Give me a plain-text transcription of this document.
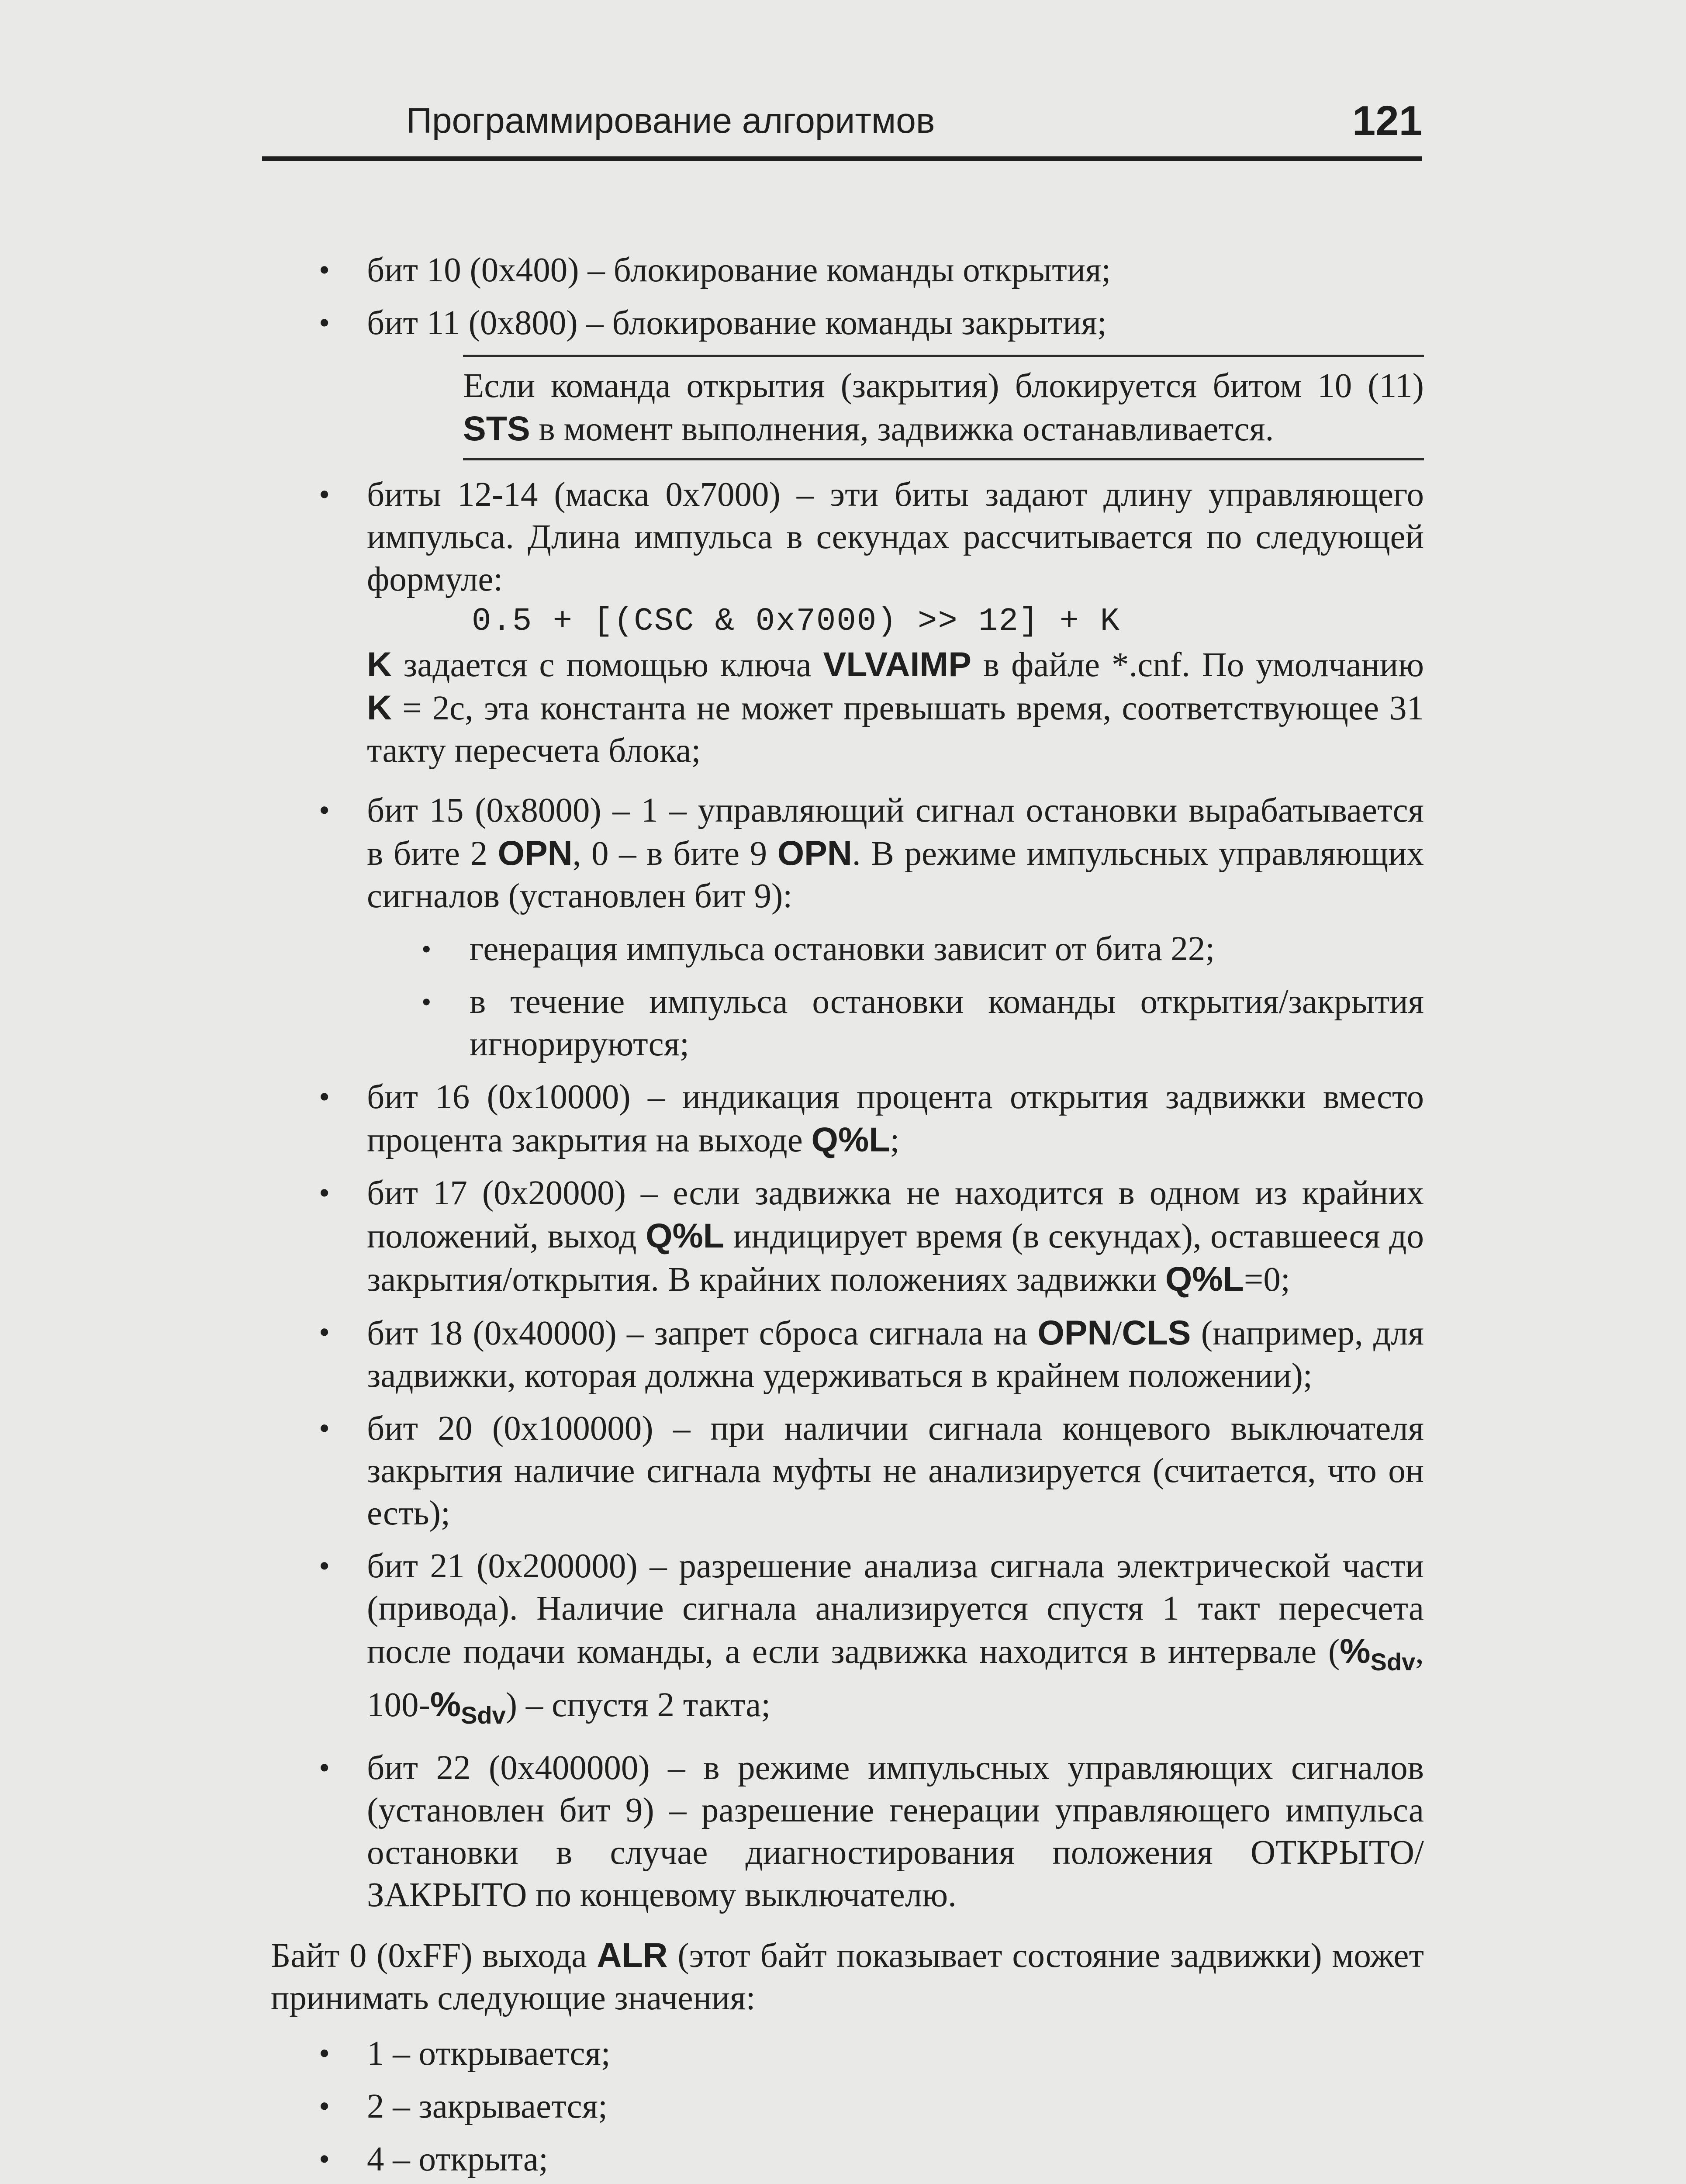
Программирование алгоритмов	121

• бит 10 (0x400) – блокирование команды открытия;

• бит 11 (0x800) – блокирование команды закрытия;

Если команда открытия (закрытия) блокируется битом 10 (11) STS в момент выполнения, задвижка останавливается.

• биты 12-14 (маска 0x7000) – эти биты задают длину управляющего импульса. Длина импульса в секундах рассчитывается по следующей формуле:

0.5 + [(CSC & 0x7000) >> 12] + K

K задается с помощью ключа VLVAIMP в файле *.cnf. По умолчанию K = 2с, эта константа не может превышать время, соответствующее 31 такту пересчета блока;

• бит 15 (0x8000) – 1 – управляющий сигнал остановки вырабатывается в бите 2 OPN, 0 – в бите 9 OPN. В режиме импульсных управляющих сигналов (установлен бит 9):

• генерация импульса остановки зависит от бита 22;

• в течение импульса остановки команды открытия/закрытия игнорируются;

• бит 16 (0x10000) – индикация процента открытия задвижки вместо процента закрытия на выходе Q%L;

• бит 17 (0x20000) – если задвижка не находится в одном из крайних положений, выход Q%L индицирует время (в секундах), оставшееся до закрытия/открытия. В крайних положениях задвижки Q%L=0;

• бит 18 (0x40000) – запрет сброса сигнала на OPN/CLS (например, для задвижки, которая должна удерживаться в крайнем положении);

• бит 20 (0x100000) – при наличии сигнала концевого выключателя закрытия наличие сигнала муфты не анализируется (считается, что он есть);

• бит 21 (0x200000) – разрешение анализа сигнала электрической части (привода). Наличие сигнала анализируется спустя 1 такт пересчета после подачи команды, а если задвижка находится в интервале ($\%_{Sdv}$, $100-\%_{Sdv}$) – спустя 2 такта;

• бит 22 (0x400000) – в режиме импульсных управляющих сигналов (установлен бит 9) – разрешение генерации управляющего импульса остановки в случае диагностирования положения ОТКРЫТО/ЗАКРЫТО по концевому выключателю.

Байт 0 (0xFF) выхода ALR (этот байт показывает состояние задвижки) может принимать следующие значения:

• 1 – открывается;

• 2 – закрывается;

• 4 – открыта;
